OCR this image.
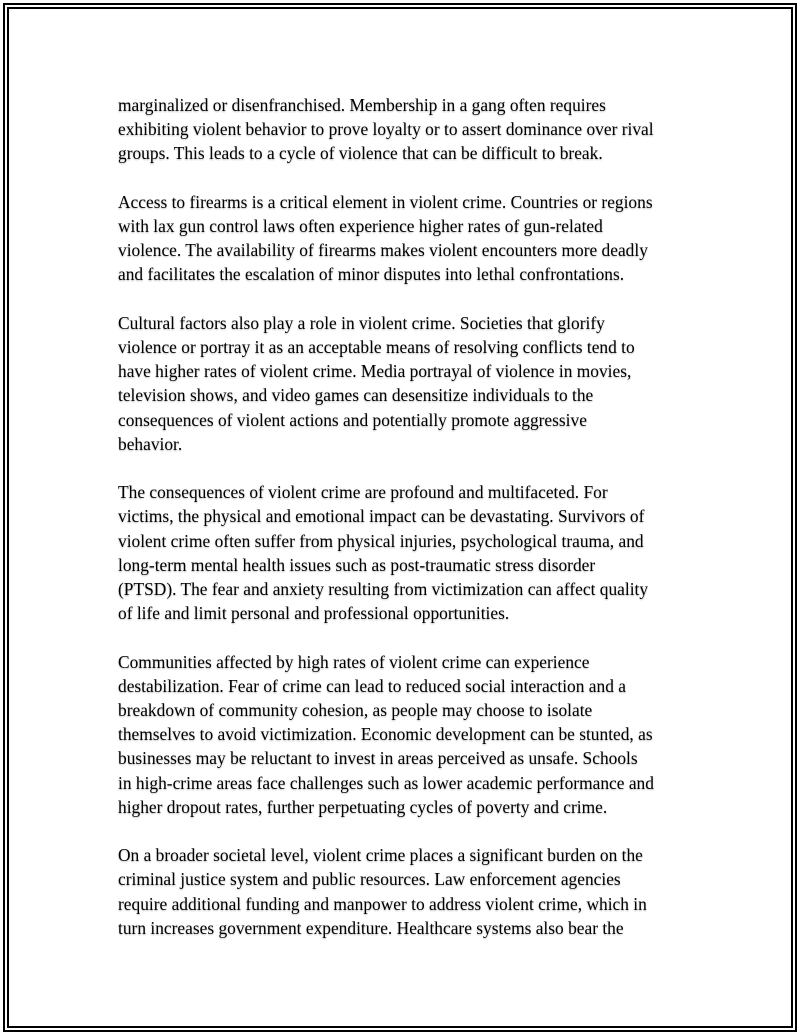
marginalized or disenfranchised. Membership in a gang often requires
exhibiting violent behavior to prove loyalty or to assert dominance over rival
groups. This leads to a cycle of violence that can be difficult to break.

Access to firearms is a critical element in violent crime. Countries or regions
with lax gun control laws often experience higher rates of gun-related
violence. The availability of firearms makes violent encounters more deadly
and facilitates the escalation of minor disputes into lethal confrontations.

Cultural factors also play a role in violent crime. Societies that glorify
violence or portray it as an acceptable means of resolving conflicts tend to
have higher rates of violent crime. Media portrayal of violence in movies,
television shows, and video games can desensitize individuals to the
consequences of violent actions and potentially promote aggressive
behavior.

The consequences of violent crime are profound and multifaceted. For
victims, the physical and emotional impact can be devastating. Survivors of
violent crime often suffer from physical injuries, psychological trauma, and
long-term mental health issues such as post-traumatic stress disorder
(PTSD). The fear and anxiety resulting from victimization can affect quality
of life and limit personal and professional opportunities.

Communities affected by high rates of violent crime can experience
destabilization. Fear of crime can lead to reduced social interaction and a
breakdown of community cohesion, as people may choose to isolate
themselves to avoid victimization. Economic development can be stunted, as
businesses may be reluctant to invest in areas perceived as unsafe. Schools
in high-crime areas face challenges such as lower academic performance and
higher dropout rates, further perpetuating cycles of poverty and crime.

On a broader societal level, violent crime places a significant burden on the
criminal justice system and public resources. Law enforcement agencies
require additional funding and manpower to address violent crime, which in
turn increases government expenditure. Healthcare systems also bear the
